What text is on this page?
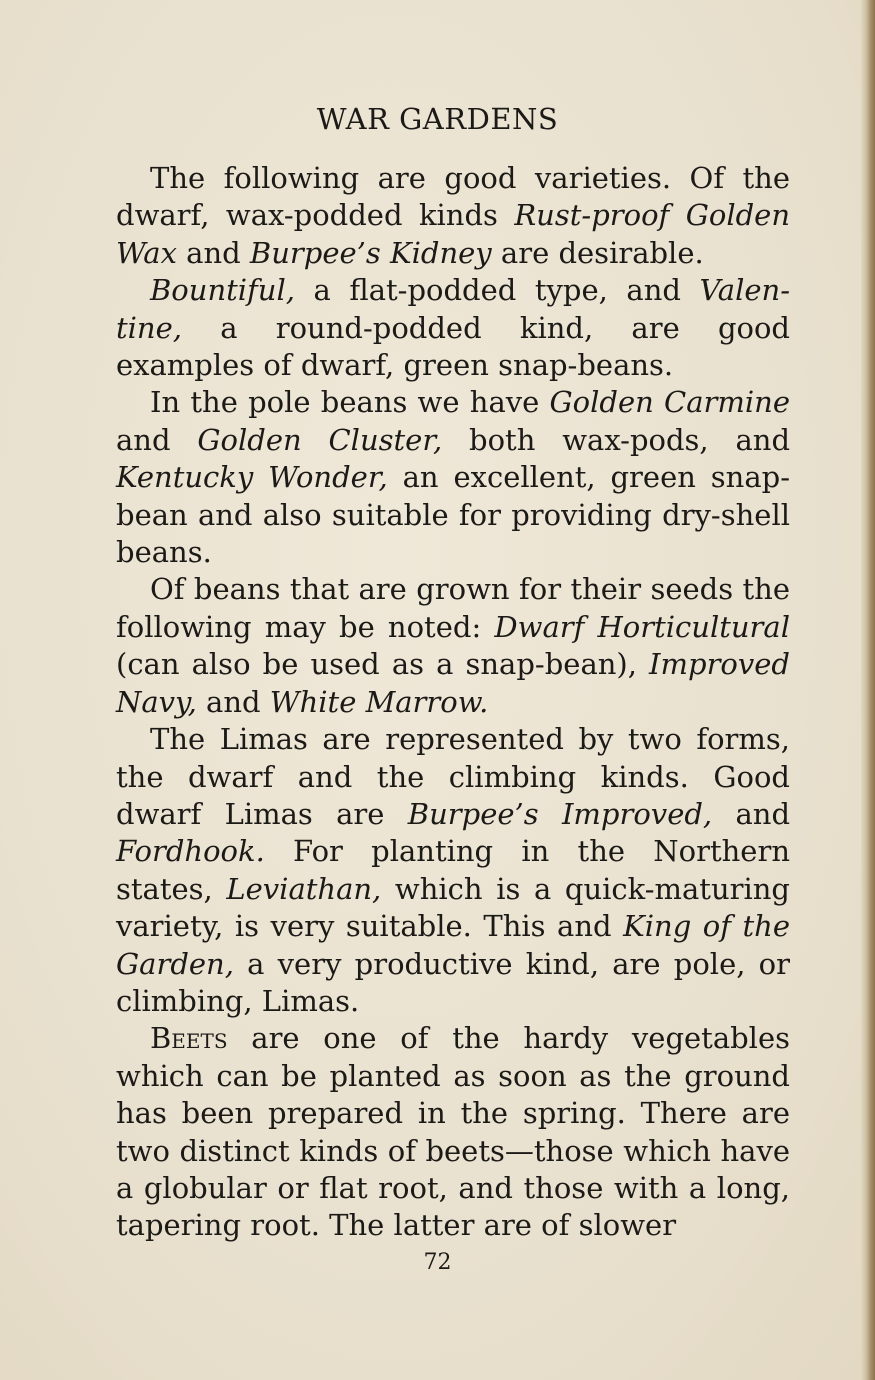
WAR GARDENS

The following are good varieties. Of the dwarf, wax-podded kinds Rust-proof Golden Wax and Burpee’s Kidney are desirable.

Bountiful, a flat-podded type, and Valentine, a round-podded kind, are good examples of dwarf, green snap-beans.

In the pole beans we have Golden Carmine and Golden Cluster, both wax-pods, and Kentucky Wonder, an excellent, green snap-bean and also suitable for providing dry-shell beans.

Of beans that are grown for their seeds the following may be noted: Dwarf Horticultural (can also be used as a snap-bean), Improved Navy, and White Marrow.

The Limas are represented by two forms, the dwarf and the climbing kinds. Good dwarf Limas are Burpee’s Improved, and Fordhook. For planting in the Northern states, Leviathan, which is a quick-maturing variety, is very suitable. This and King of the Garden, a very productive kind, are pole, or climbing, Limas.

Beets are one of the hardy vegetables which can be planted as soon as the ground has been prepared in the spring. There are two distinct kinds of beets—those which have a globular or flat root, and those with a long, tapering root. The latter are of slower

72
